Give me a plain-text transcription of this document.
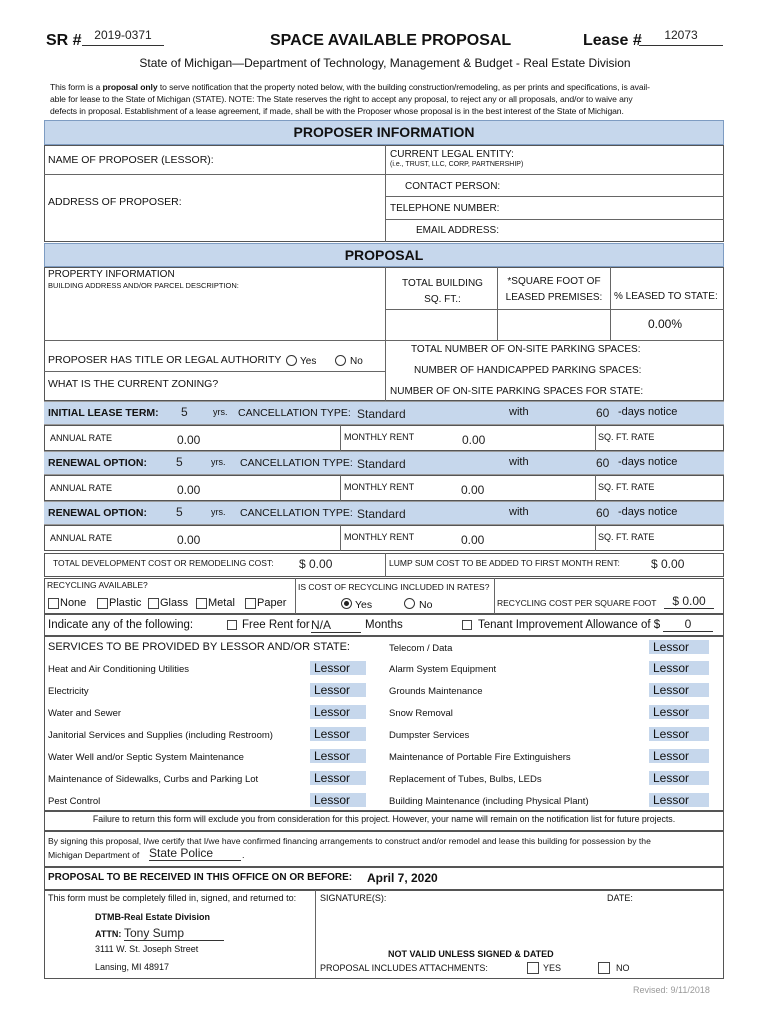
SR #	2019-0371	SPACE AVAILABLE PROPOSAL	Lease #	12073
State of Michigan—Department of Technology, Management & Budget - Real Estate Division
This form is a proposal only to serve notification that the property noted below, with the building construction/remodeling, as per prints and specifications, is avail-
able for lease to the State of Michigan (STATE). NOTE: The State reserves the right to accept any proposal, to reject any or all proposals, and/or to waive any
defects in proposal. Establishment of a lease agreement, if made, shall be with the Proposer whose proposal is in the best interest of the State of Michigan.
PROPOSER INFORMATION
NAME OF PROPOSER (LESSOR):	CURRENT LEGAL ENTITY:
(i.e., TRUST, LLC, CORP, PARTNERSHIP)
ADDRESS OF PROPOSER:
CONTACT PERSON:
TELEPHONE NUMBER:
EMAIL ADDRESS:
PROPOSAL
PROPERTY INFORMATION
BUILDING ADDRESS AND/OR PARCEL DESCRIPTION:	TOTAL BUILDING
SQ. FT.:
*SQUARE FOOT OF
LEASED PREMISES:	% LEASED TO STATE:
0.00%
PROPOSER HAS TITLE OR LEGAL AUTHORITY Yes	No
WHAT IS THE CURRENT ZONING?
TOTAL NUMBER OF ON-SITE PARKING SPACES:
NUMBER OF HANDICAPPED PARKING SPACES:
NUMBER OF ON-SITE PARKING SPACES FOR STATE:
INITIAL LEASE TERM: 5	yrs. CANCELLATION TYPE: Standard	with	60 -days notice
ANNUAL RATE	0.00	MONTHLY RENT	0.00	SQ. FT. RATE
RENEWAL OPTION: 5	yrs. CANCELLATION TYPE: Standard	with	60 -days notice
ANNUAL RATE	0.00	MONTHLY RENT	0.00	SQ. FT. RATE
RENEWAL OPTION: 5	yrs. CANCELLATION TYPE: Standard	with	60 -days notice
ANNUAL RATE	0.00	MONTHLY RENT	0.00	SQ. FT. RATE
TOTAL DEVELOPMENT COST OR REMODELING COST: $ 0.00	LUMP SUM COST TO BE ADDED TO FIRST MONTH RENT:	$ 0.00
RECYCLING AVAILABLE?
None Plastic Glass Metal Paper
IS COST OF RECYCLING INCLUDED IN RATES?
Yes	No	RECYCLING COST PER SQUARE FOOT	$ 0.00
Indicate any of the following:	Free Rent for N/A	Months	Tenant Improvement Allowance of $	0
SERVICES TO BE PROVIDED BY LESSOR AND/OR STATE:
Heat and Air Conditioning Utilities	Lessor
Electricity	Lessor
Water and Sewer	Lessor
Janitorial Services and Supplies (including Restroom)	Lessor
Water Well and/or Septic System Maintenance	Lessor
Maintenance of Sidewalks, Curbs and Parking Lot	Lessor
Pest Control	Lessor
Telecom / Data	Lessor
Alarm System Equipment	Lessor
Grounds Maintenance	Lessor
Snow Removal	Lessor
Dumpster Services	Lessor
Maintenance of Portable Fire Extinguishers	Lessor
Replacement of Tubes, Bulbs, LEDs	Lessor
Building Maintenance (including Physical Plant)	Lessor
Failure to return this form will exclude you from consideration for this project. However, your name will remain on the notification list for future projects.
By signing this proposal, I/we certify that I/we have confirmed financing arrangements to construct and/or remodel and lease this building for possession by the
Michigan Department of State Police	.
PROPOSAL TO BE RECEIVED IN THIS OFFICE ON OR BEFORE: April 7, 2020
This form must be completely filled in, signed, and returned to:
DTMB-Real Estate Division
ATTN: Tony Sump
3111 W. St. Joseph Street
Lansing, MI 48917
SIGNATURE(S):	DATE:
NOT VALID UNLESS SIGNED & DATED
PROPOSAL INCLUDES ATTACHMENTS:	YES	NO
Revised: 9/11/2018
